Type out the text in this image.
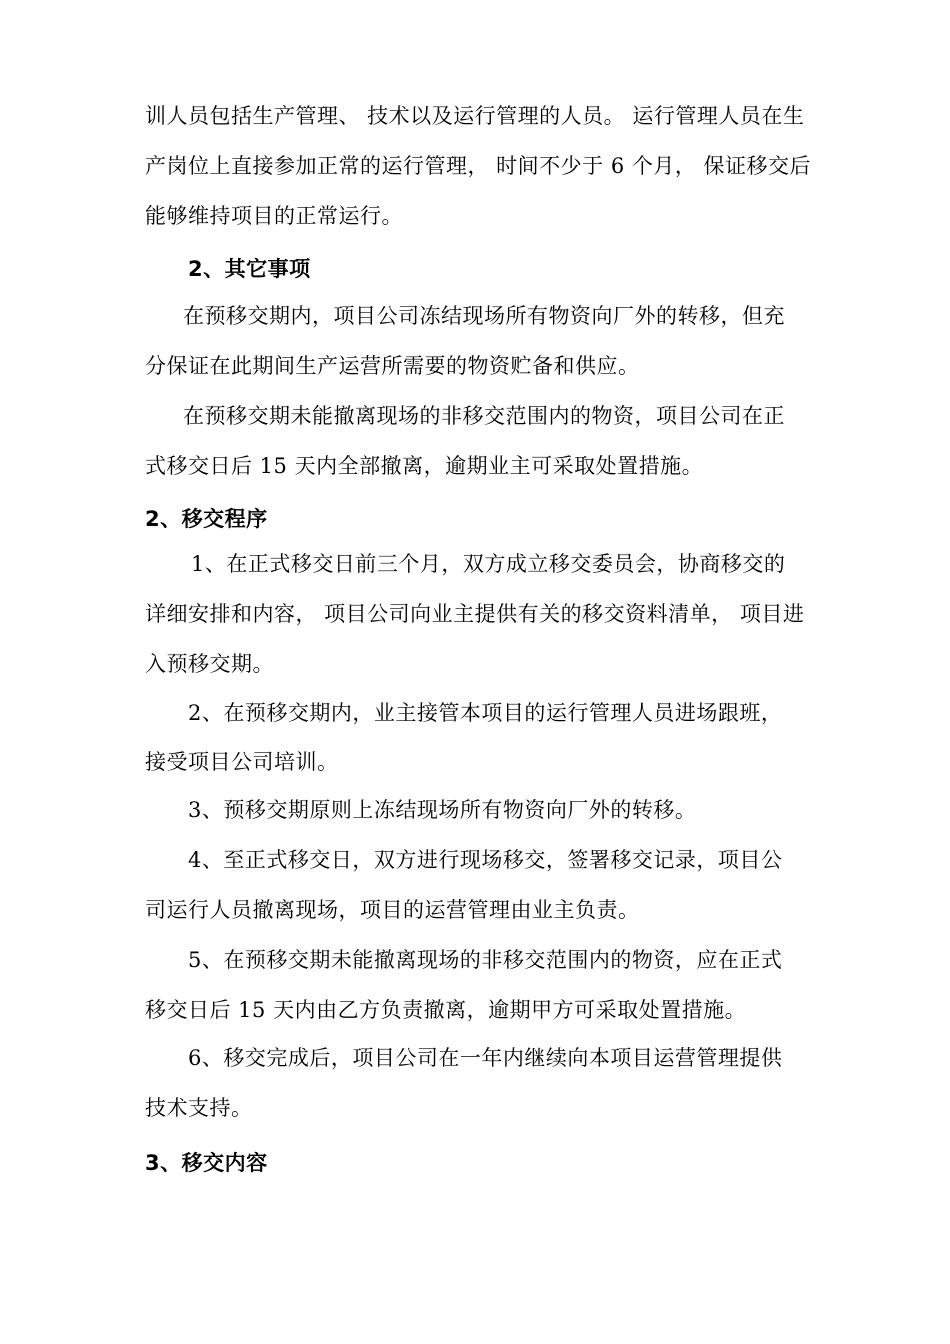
训人员包括生产管理、 技术以及运行管理的人员。 运行管理人员在生
产岗位上直接参加正常的运行管理， 时间不少于 6 个月， 保证移交后
能够维持项目的正常运行。
2、其它事项
在预移交期内，项目公司冻结现场所有物资向厂外的转移，但充
分保证在此期间生产运营所需要的物资贮备和供应。
在预移交期未能撤离现场的非移交范围内的物资，项目公司在正
式移交日后 15 天内全部撤离，逾期业主可采取处置措施。
2、移交程序
1、在正式移交日前三个月，双方成立移交委员会，协商移交的
详细安排和内容， 项目公司向业主提供有关的移交资料清单， 项目进
入预移交期。
2、在预移交期内，业主接管本项目的运行管理人员进场跟班，
接受项目公司培训。
3、预移交期原则上冻结现场所有物资向厂外的转移。
4、至正式移交日，双方进行现场移交，签署移交记录，项目公
司运行人员撤离现场，项目的运营管理由业主负责。
5、在预移交期未能撤离现场的非移交范围内的物资，应在正式
移交日后 15 天内由乙方负责撤离，逾期甲方可采取处置措施。
6、移交完成后，项目公司在一年内继续向本项目运营管理提供
技术支持。
3、移交内容
